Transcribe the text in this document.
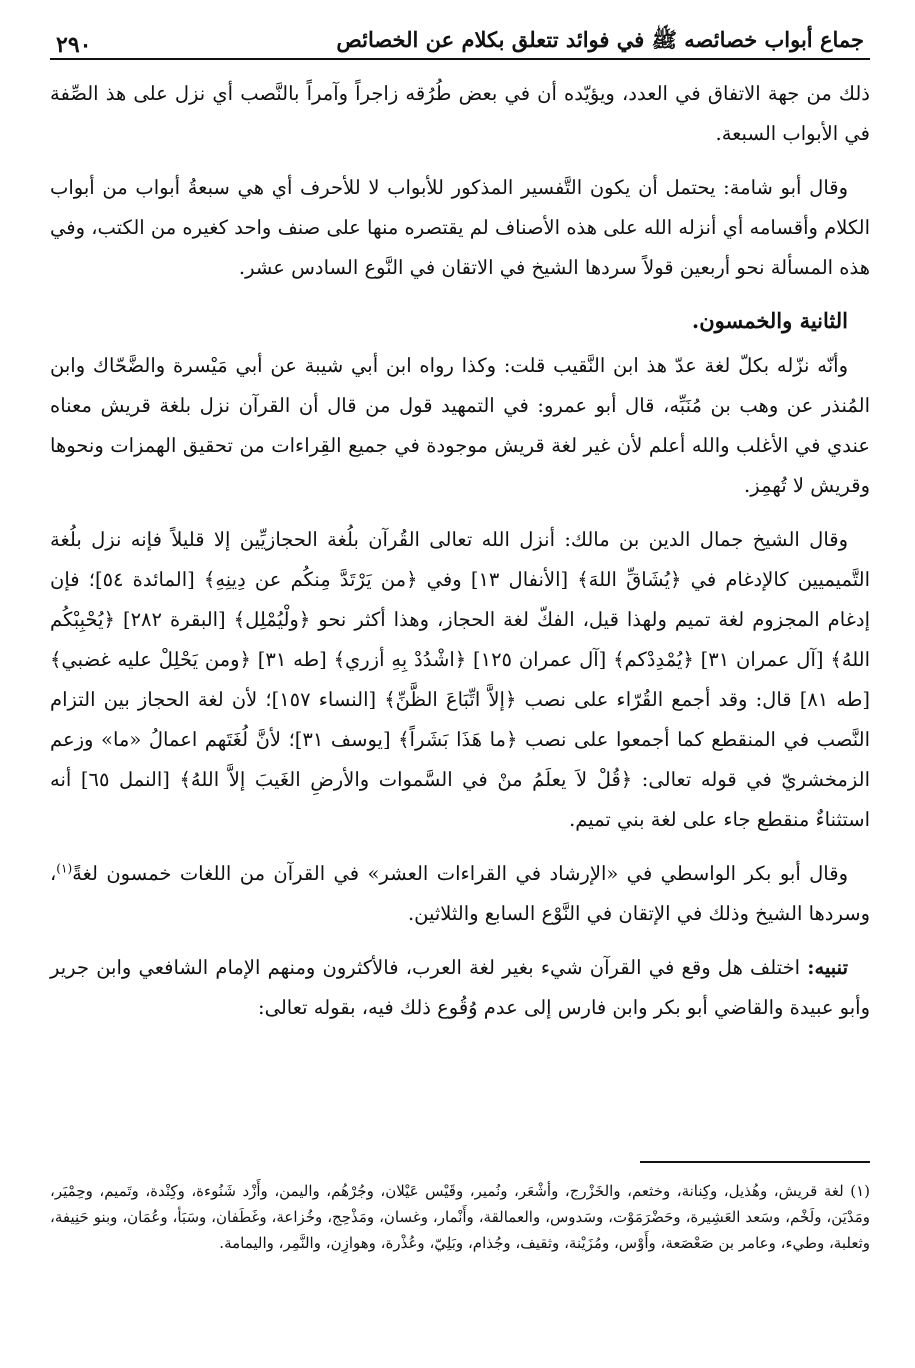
جماع أبواب خصائصه ﷺ في فوائد تتعلق بكلام عن الخصائص
٢٩٠

ذلك من جهة الاتفاق في العدد، ويؤيّده أن في بعض طُرُقه زاجراً وآمراً بالنَّصب أي نزل على هذ الصِّفة في الأبواب السبعة.

وقال أبو شامة: يحتمل أن يكون التَّفسير المذكور للأبواب لا للأحرف أي هي سبعةُ أبواب من أبواب الكلام وأقسامه أي أنزله الله على هذه الأصناف لم يقتصره منها على صنف واحد كغيره من الكتب، وفي هذه المسألة نحو أربعين قولاً سردها الشيخ في الاتقان في النَّوع السادس عشر.

الثانية والخمسون.

وأنّه نزّله بكلّ لغة عدّ هذ ابن النَّقيب قلت: وكذا رواه ابن أبي شيبة عن أبي مَيْسرة والضَّحّاك وابن المُنذر عن وهب بن مُنَبِّه، قال أبو عمرو: في التمهيد قول من قال أن القرآن نزل بلغة قريش معناه عندي في الأغلب والله أعلم لأن غير لغة قريش موجودة في جميع القِراءات من تحقيق الهمزات ونحوها وقريش لا تُهمِز.

وقال الشيخ جمال الدين بن مالك: أنزل الله تعالى القُرآن بلُغة الحجازيِّين إلا قليلاً فإنه نزل بلُغة التَّميميين كالإدغام في ﴿يُشَاقِّ اللهَ﴾ [الأنفال ١٣] وفي ﴿من يَرْتَدَّ مِنكُم عن دِينِهِ﴾ [المائدة ٥٤]؛ فإن إدغام المجزوم لغة تميم ولهذا قيل، الفكّ لغة الحجاز، وهذا أكثر نحو ﴿ولْيُمْلِل﴾ [البقرة ٢٨٢] ﴿يُحْبِبْكُم اللهُ﴾ [آل عمران ٣١] ﴿يُمْدِدْكم﴾ [آل عمران ١٢٥] ﴿اشْدُدْ بِهِ أزري﴾ [طه ٣١] ﴿ومن يَحْلِلْ عليه غضبي﴾ [طه ٨١] قال: وقد أجمع القُرّاء على نصب ﴿إلاَّ اتِّبَاعَ الظَّنِّ﴾ [النساء ١٥٧]؛ لأن لغة الحجاز بين التزام النَّصب في المنقطع كما أجمعوا على نصب ﴿ما هَذَا بَشَراً﴾ [يوسف ٣١]؛ لأنَّ لُغَتَهم اعمالُ «ما» وزعم الزمخشريّ في قوله تعالى: ﴿قُلْ لاَ يعلَمُ منْ في السَّموات والأرضِ الغَيبَ إلاَّ اللهُ﴾ [النمل ٦٥] أنه استثناءٌ منقطع جاء على لغة بني تميم.

وقال أبو بكر الواسطي في «الإرشاد في القراءات العشر» في القرآن من اللغات خمسون لغةً$^{(١)}$، وسردها الشيخ وذلك في الإتقان في النَّوْع السابع والثلاثين.

تنبيه: اختلف هل وقع في القرآن شيء بغير لغة العرب، فالأكثرون ومنهم الإمام الشافعي وابن جرير وأبو عبيدة والقاضي أبو بكر وابن فارس إلى عدم وُقُوع ذلك فيه، بقوله تعالى:

(١) لغة قريش، وهُذيل، وكِنانة، وخثعم، والخَزْرج، وأشْعَر، ونُمير، وقَيْس عَيْلان، وجُرْهُم، واليمن، وأَزْد شَنُوءة، وكِنْدة، وتَميم، وحِمْيَر، ومَدْيَن، ولَخْم، وسَعد العَشِيرة، وحَضْرَمَوْت، وسَدوس، والعمالقة، وأَنْمار، وغسان، ومَذْحِج، وخُزاعة، وغَطَفان، وسَبَأ، وعُمَان، وبنو حَنِيفة، وثعلبة، وطيء، وعامر بن صَعْصَعة، وأَوْس، ومُزَيْنة، وثقيف، وجُذام، وبَلِيّ، وعُذْرة، وهوازِن، والنَّمِر، واليمامة.
